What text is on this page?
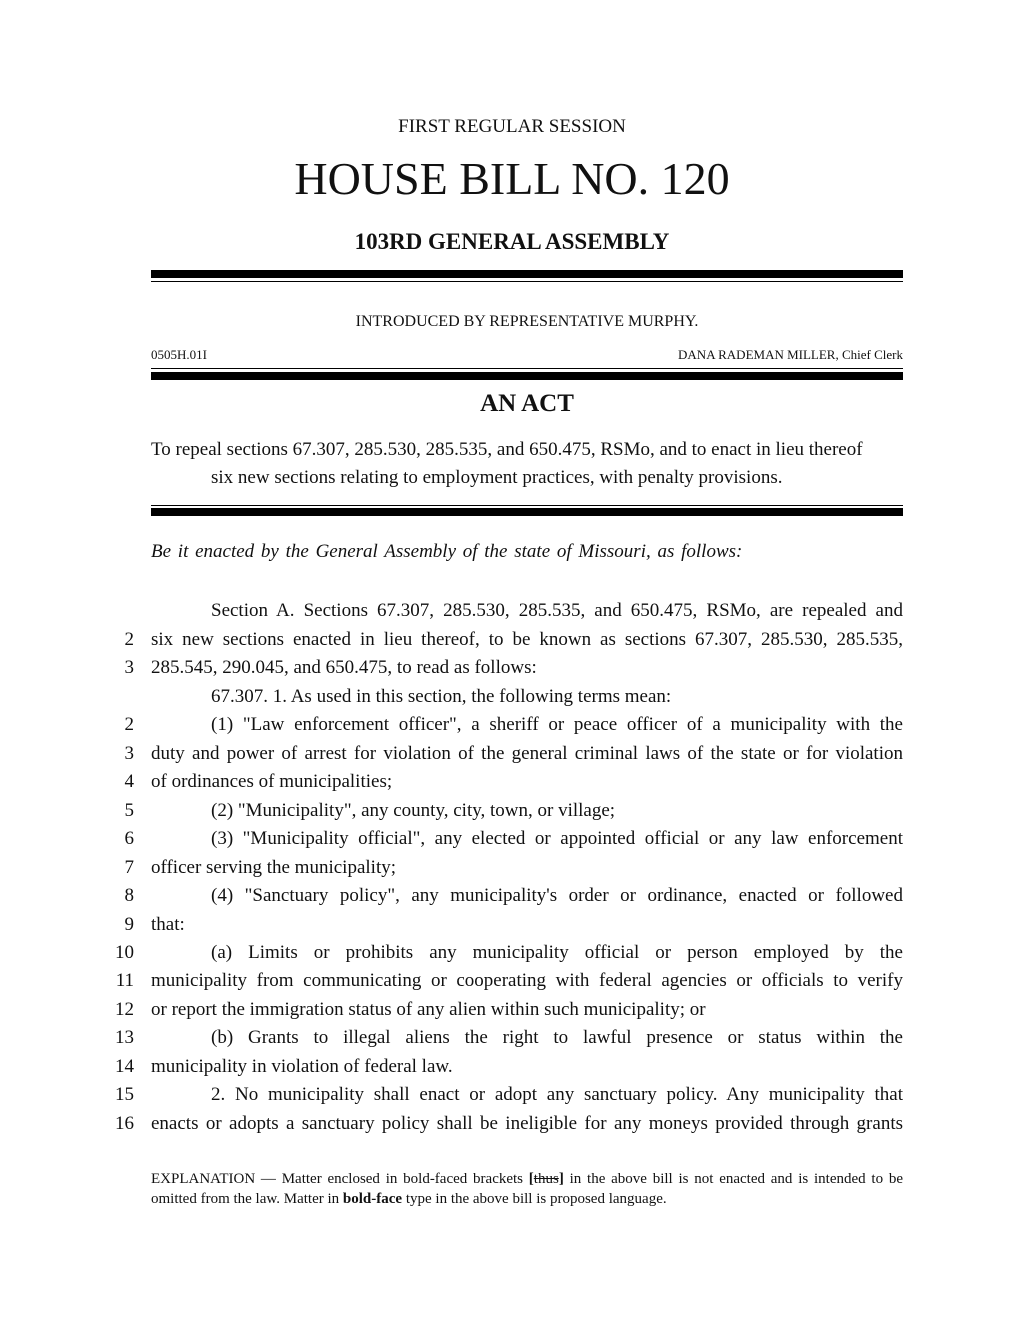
FIRST REGULAR SESSION
HOUSE BILL NO. 120
103RD GENERAL ASSEMBLY
INTRODUCED BY REPRESENTATIVE MURPHY.
0505H.01I	DANA RADEMAN MILLER, Chief Clerk
AN ACT
To repeal sections 67.307, 285.530, 285.535, and 650.475, RSMo, and to enact in lieu thereof
six new sections relating to employment practices, with penalty provisions.
Be it enacted by the General Assembly of the state of Missouri, as follows:
Section A. Sections 67.307, 285.530, 285.535, and 650.475, RSMo, are repealed and
2 six new sections enacted in lieu thereof, to be known as sections 67.307, 285.530, 285.535,
3 285.545, 290.045, and 650.475, to read as follows:
67.307. 1. As used in this section, the following terms mean:
2	(1) "Law enforcement officer", a sheriff or peace officer of a municipality with the
3 duty and power of arrest for violation of the general criminal laws of the state or for violation
4 of ordinances of municipalities;
5	(2) "Municipality", any county, city, town, or village;
6	(3) "Municipality official", any elected or appointed official or any law enforcement
7 officer serving the municipality;
8	(4) "Sanctuary policy", any municipality's order or ordinance, enacted or followed
9 that:
10	(a) Limits or prohibits any municipality official or person employed by the
11 municipality from communicating or cooperating with federal agencies or officials to verify
12 or report the immigration status of any alien within such municipality; or
13	(b) Grants to illegal aliens the right to lawful presence or status within the
14 municipality in violation of federal law.
15	2. No municipality shall enact or adopt any sanctuary policy. Any municipality that
16 enacts or adopts a sanctuary policy shall be ineligible for any moneys provided through grants
EXPLANATION — Matter enclosed in bold-faced brackets [thus] in the above bill is not enacted and is intended to be omitted from the law. Matter in bold-face type in the above bill is proposed language.
